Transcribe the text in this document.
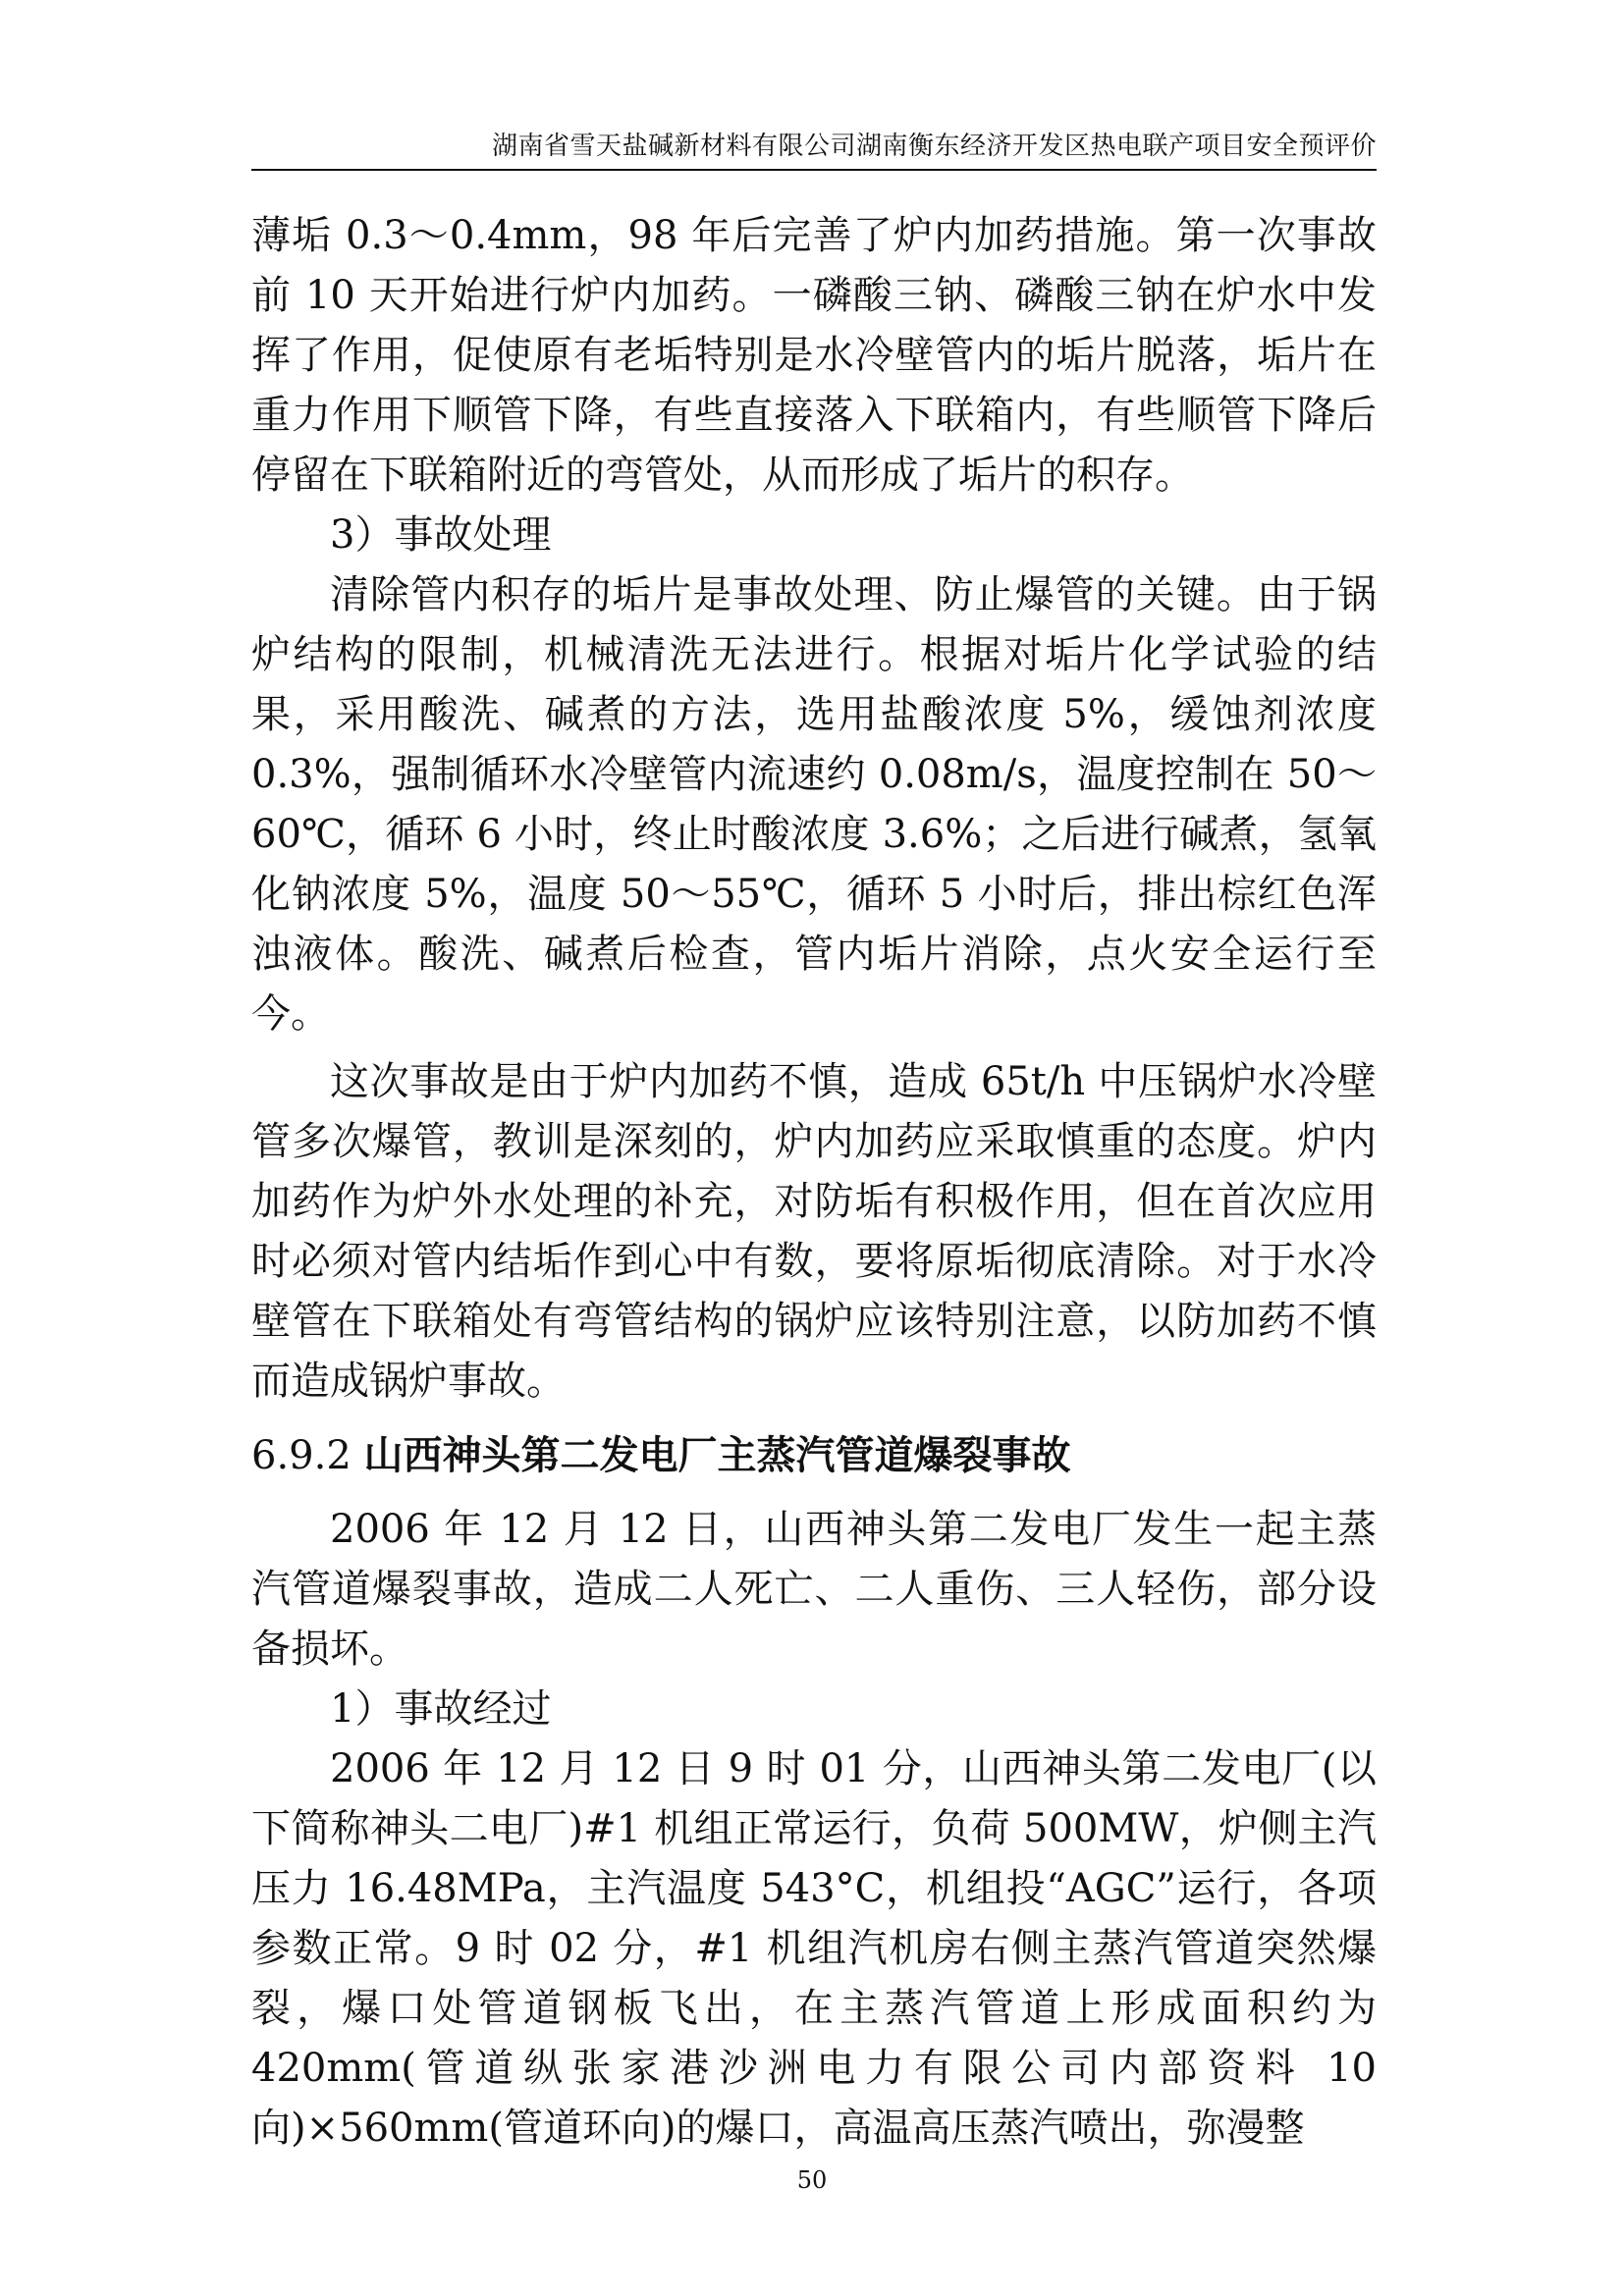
湖南省雪天盐碱新材料有限公司湖南衡东经济开发区热电联产项目安全预评价

薄垢 0.3～0.4mm，98 年后完善了炉内加药措施。第一次事故前 10 天开始进行炉内加药。一磷酸三钠、磷酸三钠在炉水中发挥了作用，促使原有老垢特别是水冷壁管内的垢片脱落，垢片在重力作用下顺管下降，有些直接落入下联箱内，有些顺管下降后停留在下联箱附近的弯管处，从而形成了垢片的积存。

3）事故处理

清除管内积存的垢片是事故处理、防止爆管的关键。由于锅炉结构的限制，机械清洗无法进行。根据对垢片化学试验的结果，采用酸洗、碱煮的方法，选用盐酸浓度 5%，缓蚀剂浓度 0.3%，强制循环水冷壁管内流速约 0.08m/s，温度控制在 50～60℃，循环 6 小时，终止时酸浓度 3.6%；之后进行碱煮，氢氧化钠浓度 5%，温度 50～55℃，循环 5 小时后，排出棕红色浑浊液体。酸洗、碱煮后检查，管内垢片消除，点火安全运行至今。

这次事故是由于炉内加药不慎，造成 65t/h 中压锅炉水冷壁管多次爆管，教训是深刻的，炉内加药应采取慎重的态度。炉内加药作为炉外水处理的补充，对防垢有积极作用，但在首次应用时必须对管内结垢作到心中有数，要将原垢彻底清除。对于水冷壁管在下联箱处有弯管结构的锅炉应该特别注意，以防加药不慎而造成锅炉事故。

6.9.2 山西神头第二发电厂主蒸汽管道爆裂事故

2006 年 12 月 12 日，山西神头第二发电厂发生一起主蒸汽管道爆裂事故，造成二人死亡、二人重伤、三人轻伤，部分设备损坏。

1）事故经过

2006 年 12 月 12 日 9 时 01 分，山西神头第二发电厂(以下简称神头二电厂)#1 机组正常运行，负荷 500MW，炉侧主汽压力 16.48MPa，主汽温度 543°C，机组投“AGC”运行，各项参数正常。9 时 02 分，#1 机组汽机房右侧主蒸汽管道突然爆裂，爆口处管道钢板飞出，在主蒸汽管道上形成面积约为 420mm(管道纵张家港沙洲电力有限公司内部资料 10 向)×560mm(管道环向)的爆口，高温高压蒸汽喷出，弥漫整

50
